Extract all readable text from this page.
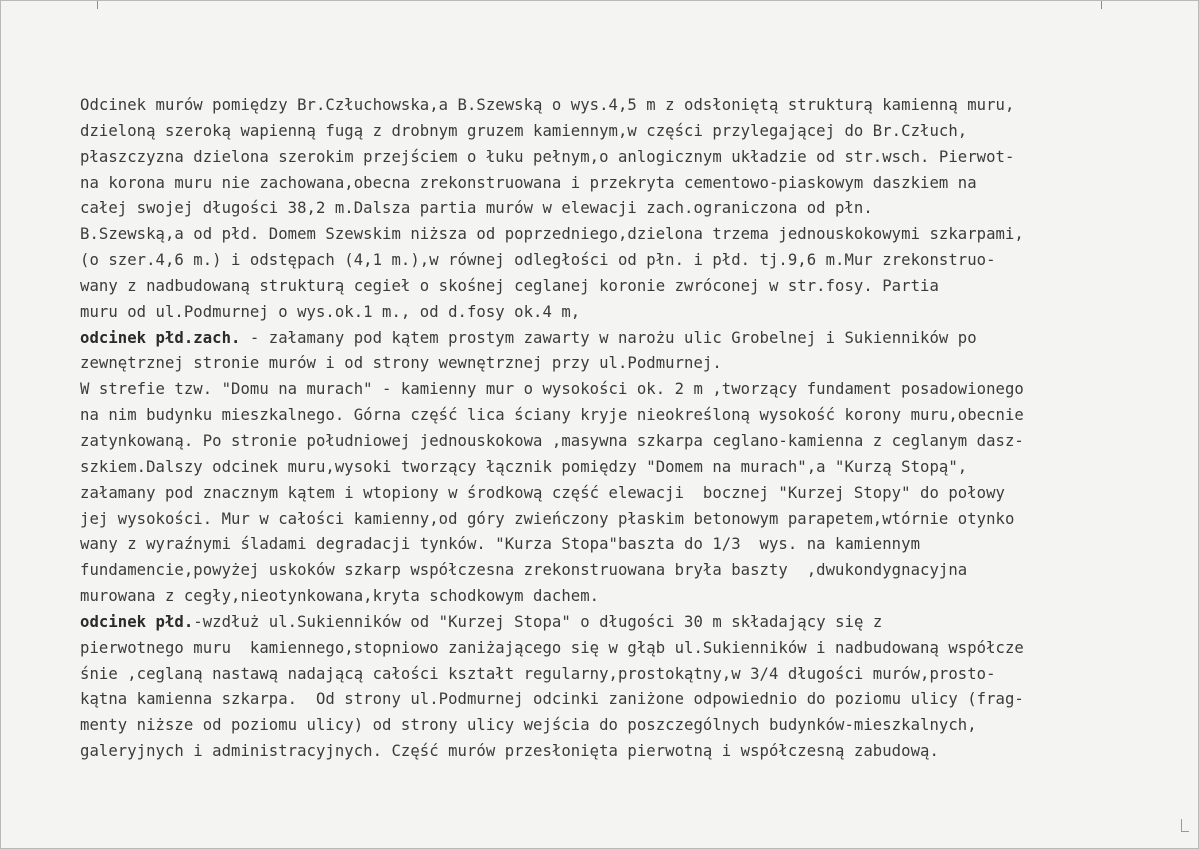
Odcinek murów pomiędzy Br.Człuchowska,a B.Szewską o wys.4,5 m z odsłoniętą strukturą kamienną muru,
dzieloną szeroką wapienną fugą z drobnym gruzem kamiennym,w części przylegającej do Br.Człuch,
płaszczyzna dzielona szerokim przejściem o łuku pełnym,o anlogicznym układzie od str.wsch. Pierwot-
na korona muru nie zachowana,obecna zrekonstruowana i przekryta cementowo-piaskowym daszkiem na
całej swojej długości 38,2 m.Dalsza partia murów w elewacji zach.ograniczona od płn.
B.Szewską,a od płd. Domem Szewskim niższa od poprzedniego,dzielona trzema jednouskokowymi szkarpami,
(o szer.4,6 m.) i odstępach (4,1 m.),w równej odległości od płn. i płd. tj.9,6 m.Mur zrekonstruo-
wany z nadbudowaną strukturą cegieł o skośnej ceglanej koronie zwróconej w str.fosy. Partia
muru od ul.Podmurnej o wys.ok.1 m., od d.fosy ok.4 m,
odcinek płd.zach. - załamany pod kątem prostym zawarty w narożu ulic Grobelnej i Sukienników po
zewnętrznej stronie murów i od strony wewnętrznej przy ul.Podmurnej.
W strefie tzw. "Domu na murach" - kamienny mur o wysokości ok. 2 m ,tworzący fundament posadowionego
na nim budynku mieszkalnego. Górna część lica ściany kryje nieokreśloną wysokość korony muru,obecnie
zatynkowaną. Po stronie południowej jednouskokowa ,masywna szkarpa ceglano-kamienna z ceglanym dasz-
szkiem.Dalszy odcinek muru,wysoki tworzący łącznik pomiędzy "Domem na murach",a "Kurzą Stopą",
załamany pod znacznym kątem i wtopiony w środkową część elewacji  bocznej "Kurzej Stopy" do połowy
jej wysokości. Mur w całości kamienny,od góry zwieńczony płaskim betonowym parapetem,wtórnie otynko
wany z wyraźnymi śladami degradacji tynków. "Kurza Stopa"baszta do 1/3  wys. na kamiennym
fundamencie,powyżej uskoków szkarp współczesna zrekonstruowana bryła baszty  ,dwukondygnacyjna
murowana z cegły,nieotynkowana,kryta schodkowym dachem.
odcinek płd.-wzdłuż ul.Sukienników od "Kurzej Stopa" o długości 30 m składający się z
pierwotnego muru  kamiennego,stopniowo zaniżającego się w głąb ul.Sukienników i nadbudowaną współcze
śnie ,ceglaną nastawą nadającą całości kształt regularny,prostokątny,w 3/4 długości murów,prosto-
kątna kamienna szkarpa.  Od strony ul.Podmurnej odcinki zaniżone odpowiednio do poziomu ulicy (frag-
menty niższe od poziomu ulicy) od strony ulicy wejścia do poszczególnych budynków-mieszkalnych,
galeryjnych i administracyjnych. Część murów przesłonięta pierwotną i współczesną zabudową.
